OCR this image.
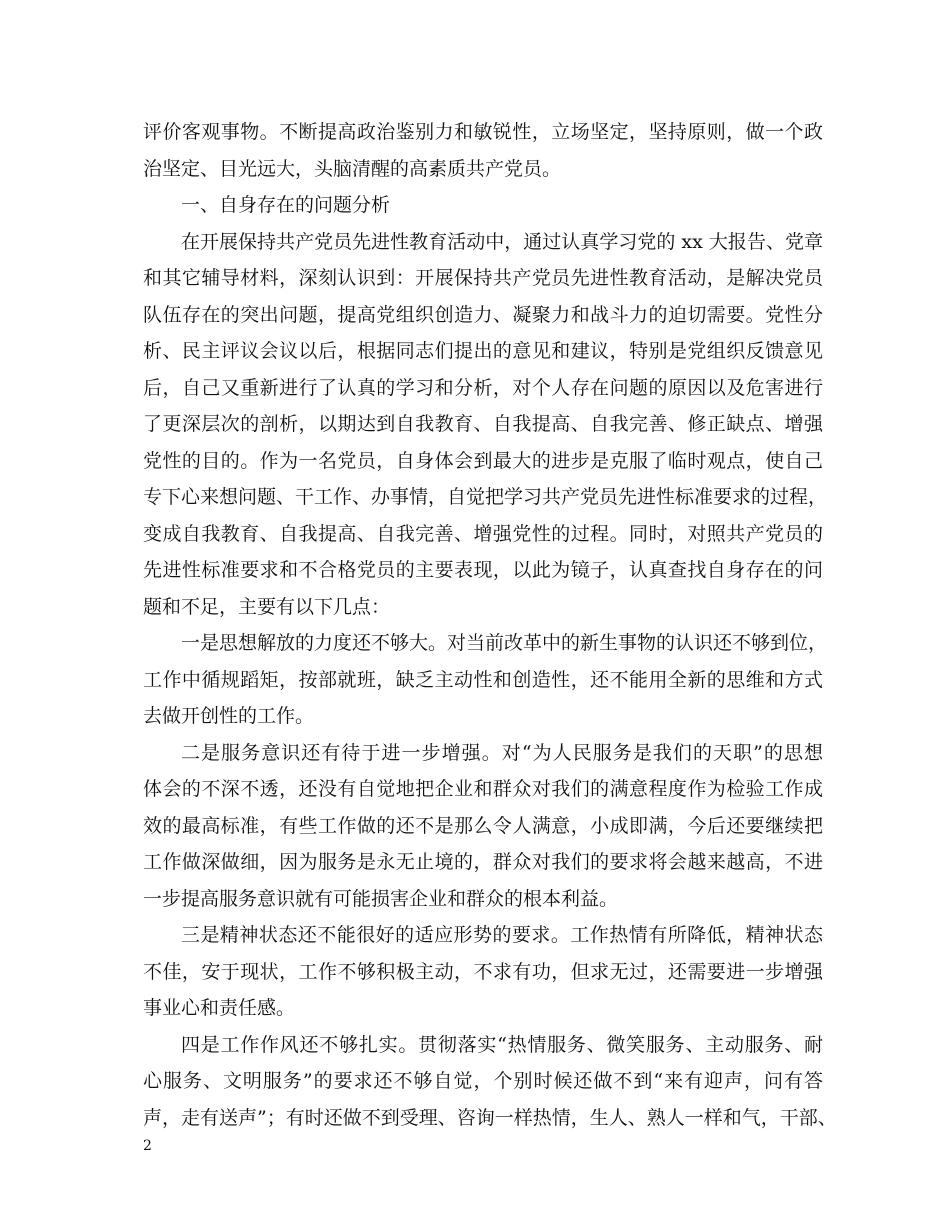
评价客观事物。不断提高政治鉴别力和敏锐性，立场坚定，坚持原则，做一个政
治坚定、目光远大，头脑清醒的高素质共产党员。
一、自身存在的问题分析
在开展保持共产党员先进性教育活动中，通过认真学习党的 xx 大报告、党章
和其它辅导材料，深刻认识到：开展保持共产党员先进性教育活动，是解决党员
队伍存在的突出问题，提高党组织创造力、凝聚力和战斗力的迫切需要。党性分
析、民主评议会议以后，根据同志们提出的意见和建议，特别是党组织反馈意见
后，自己又重新进行了认真的学习和分析，对个人存在问题的原因以及危害进行
了更深层次的剖析，以期达到自我教育、自我提高、自我完善、修正缺点、增强
党性的目的。作为一名党员，自身体会到最大的进步是克服了临时观点，使自己
专下心来想问题、干工作、办事情，自觉把学习共产党员先进性标准要求的过程，
变成自我教育、自我提高、自我完善、增强党性的过程。同时，对照共产党员的
先进性标准要求和不合格党员的主要表现，以此为镜子，认真查找自身存在的问
题和不足，主要有以下几点：
一是思想解放的力度还不够大。对当前改革中的新生事物的认识还不够到位，
工作中循规蹈矩，按部就班，缺乏主动性和创造性，还不能用全新的思维和方式
去做开创性的工作。
二是服务意识还有待于进一步增强。对“为人民服务是我们的天职”的思想
体会的不深不透，还没有自觉地把企业和群众对我们的满意程度作为检验工作成
效的最高标准，有些工作做的还不是那么令人满意，小成即满，今后还要继续把
工作做深做细，因为服务是永无止境的，群众对我们的要求将会越来越高，不进
一步提高服务意识就有可能损害企业和群众的根本利益。
三是精神状态还不能很好的适应形势的要求。工作热情有所降低，精神状态
不佳，安于现状，工作不够积极主动，不求有功，但求无过，还需要进一步增强
事业心和责任感。
四是工作作风还不够扎实。贯彻落实“热情服务、微笑服务、主动服务、耐
心服务、文明服务”的要求还不够自觉，个别时候还做不到“来有迎声，问有答
声，走有送声”；有时还做不到受理、咨询一样热情，生人、熟人一样和气，干部、
2
